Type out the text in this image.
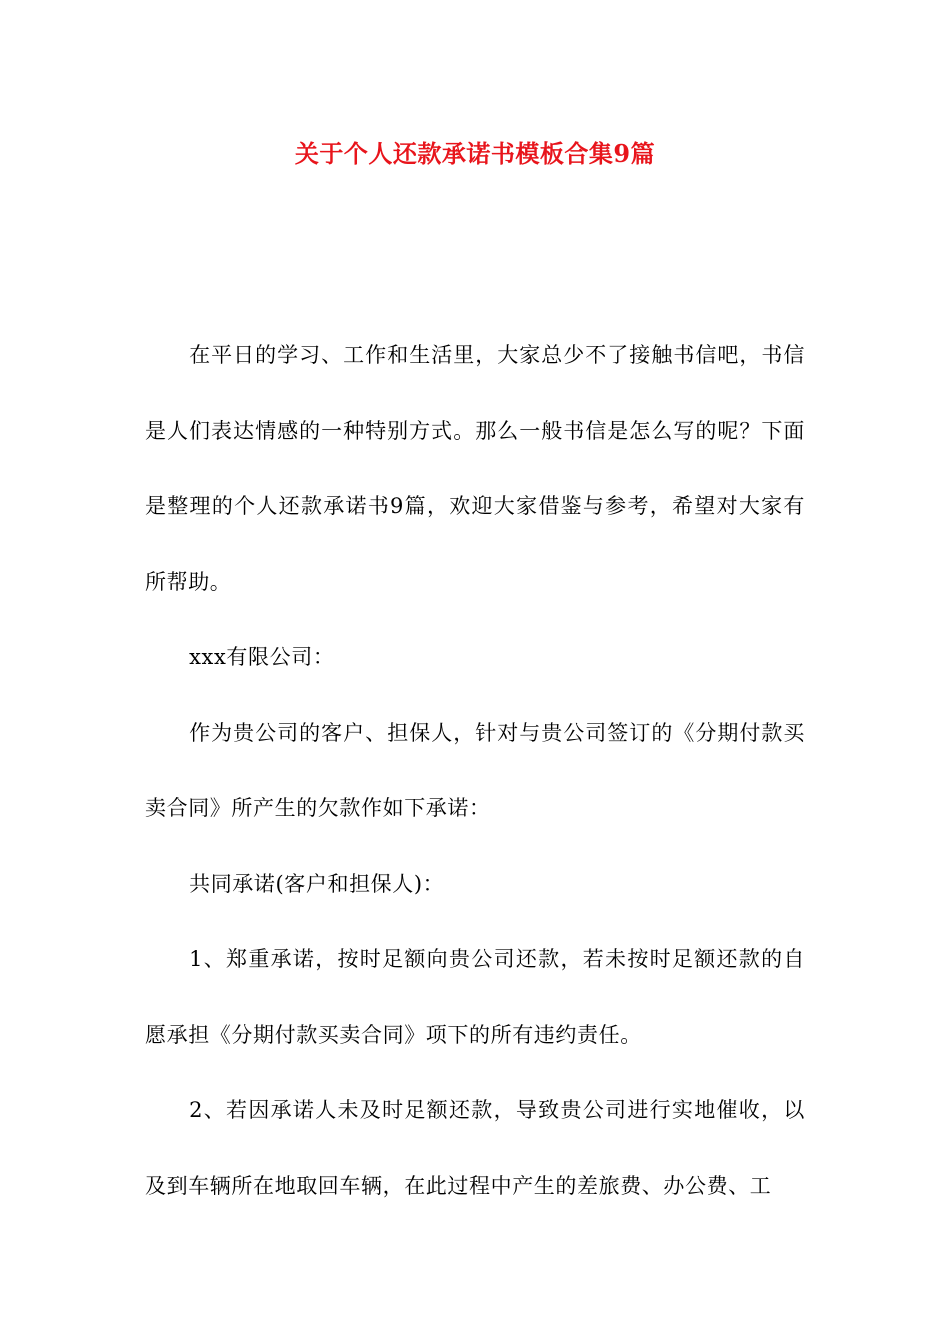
关于个人还款承诺书模板合集9篇

在平日的学习、工作和生活里，大家总少不了接触书信吧，书信是人们表达情感的一种特别方式。那么一般书信是怎么写的呢？下面是整理的个人还款承诺书9篇，欢迎大家借鉴与参考，希望对大家有所帮助。

xxx有限公司：

作为贵公司的客户、担保人，针对与贵公司签订的《分期付款买卖合同》所产生的欠款作如下承诺：

共同承诺(客户和担保人)：

1、郑重承诺，按时足额向贵公司还款，若未按时足额还款的自愿承担《分期付款买卖合同》项下的所有违约责任。

2、若因承诺人未及时足额还款，导致贵公司进行实地催收，以及到车辆所在地取回车辆，在此过程中产生的差旅费、办公费、工
